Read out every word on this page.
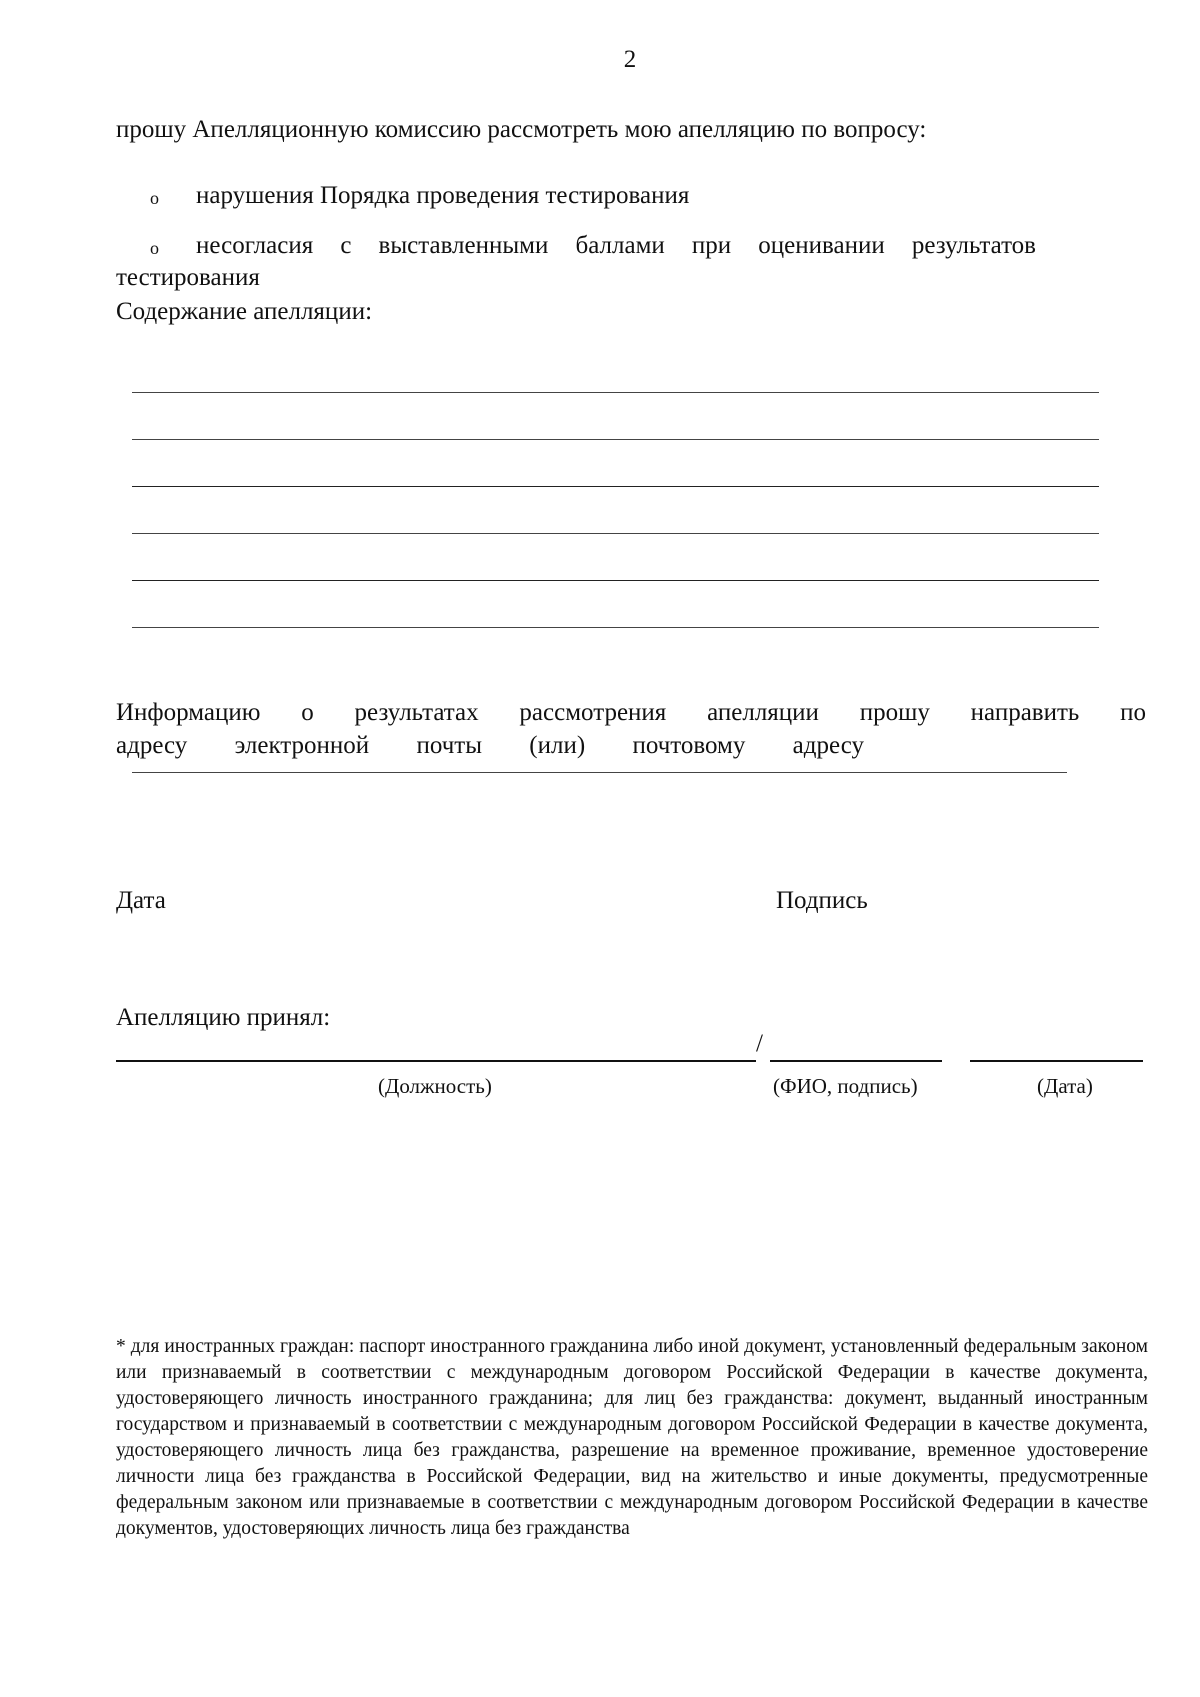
2
прошу Апелляционную комиссию рассмотреть мою апелляцию по вопросу:
o	нарушения Порядка проведения тестирования
o	несогласия с выставленными баллами при оценивании результатов тестирования
Содержание апелляции:
Информацию о результатах рассмотрения апелляции прошу направить по
адресу электронной почты (или) почтовому адресу
Дата	Подпись
Апелляцию принял:
/
(Должность)	(ФИО, подпись)	(Дата)
* для иностранных граждан: паспорт иностранного гражданина либо иной документ, установленный федеральным законом или признаваемый в соответствии с международным договором Российской Федерации в качестве документа, удостоверяющего личность иностранного гражданина; для лиц без гражданства: документ, выданный иностранным государством и признаваемый в соответствии с международным договором Российской Федерации в качестве документа, удостоверяющего личность лица без гражданства, разрешение на временное проживание, временное удостоверение личности лица без гражданства в Российской Федерации, вид на жительство и иные документы, предусмотренные федеральным законом или признаваемые в соответствии с международным договором Российской Федерации в качестве документов, удостоверяющих личность лица без гражданства
